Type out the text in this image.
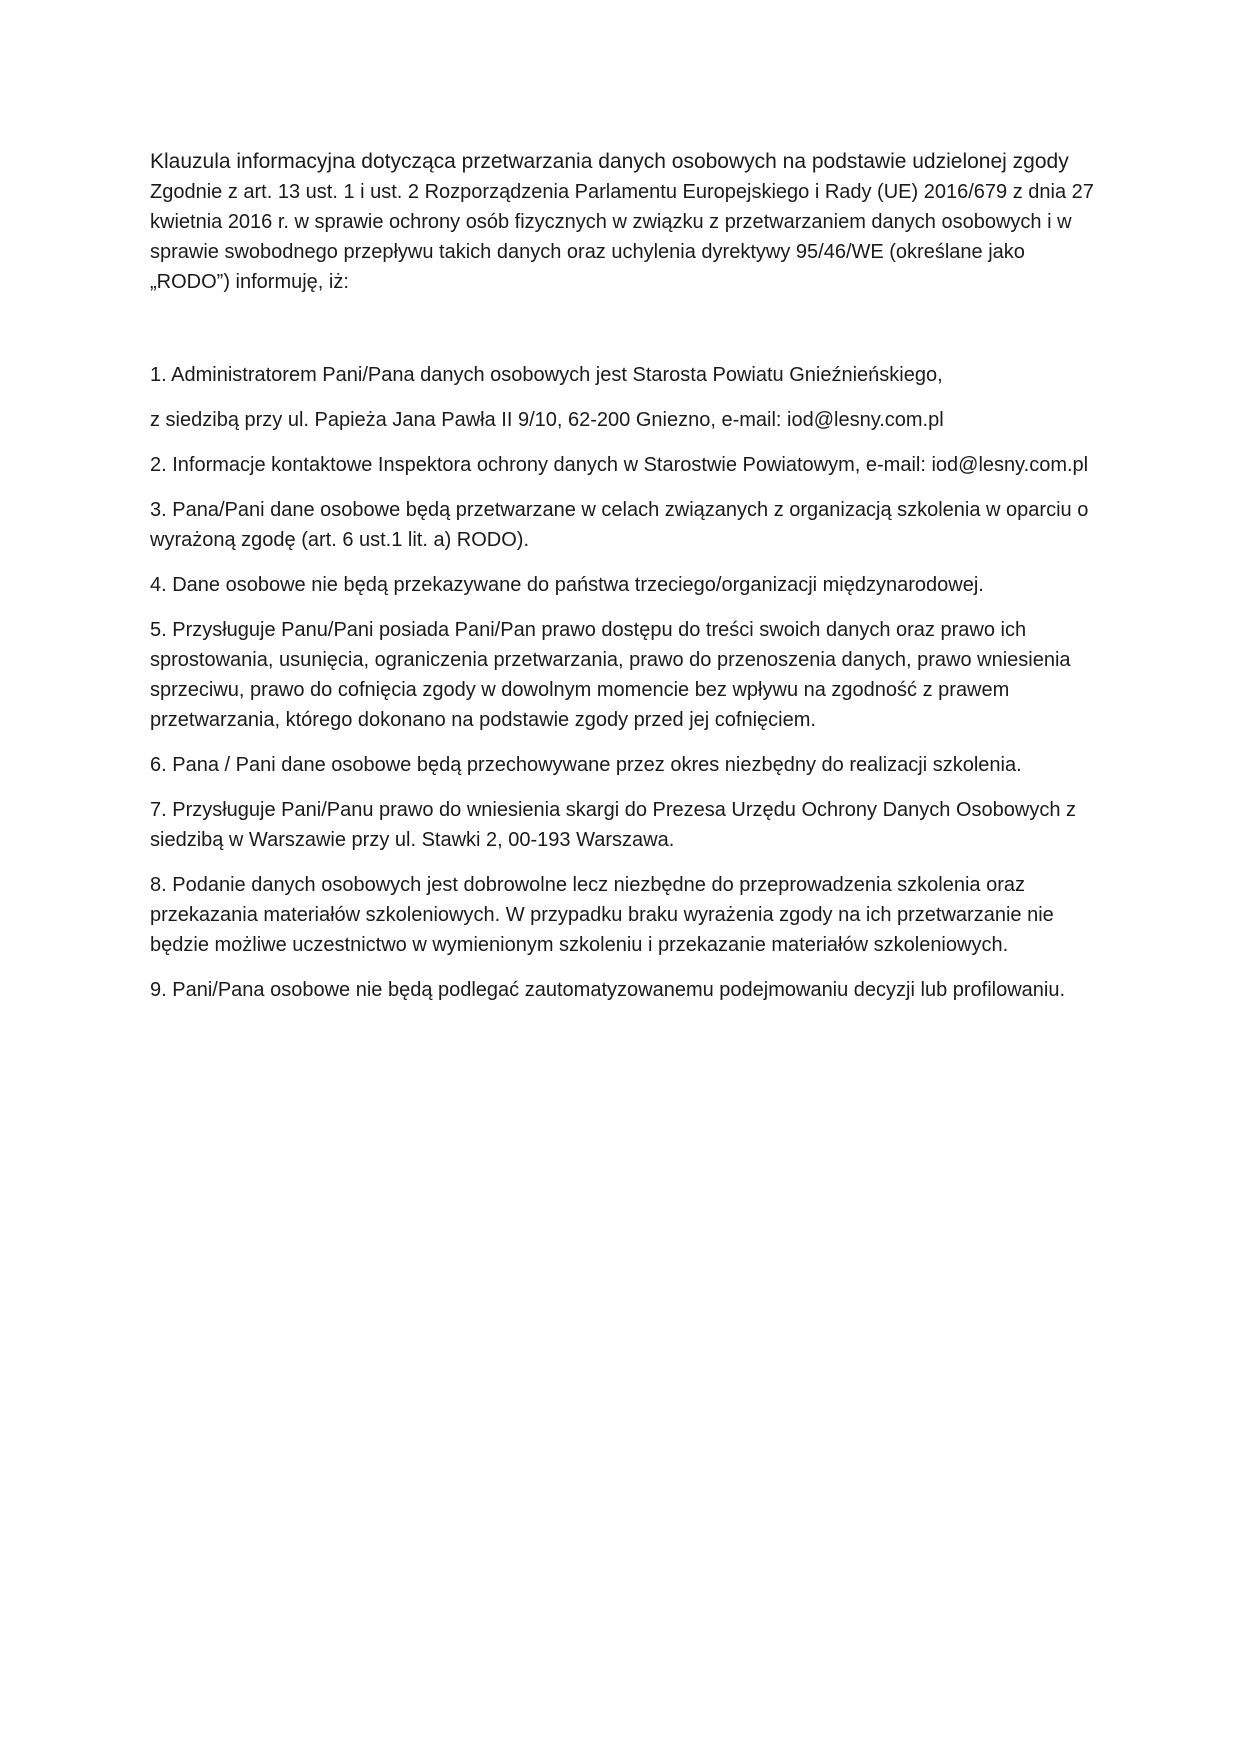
Klauzula informacyjna dotycząca przetwarzania danych osobowych na podstawie udzielonej zgody

Zgodnie z art. 13 ust. 1 i ust. 2 Rozporządzenia Parlamentu Europejskiego i Rady (UE) 2016/679 z dnia 27 kwietnia 2016 r. w sprawie ochrony osób fizycznych w związku z przetwarzaniem danych osobowych i w sprawie swobodnego przepływu takich danych oraz uchylenia dyrektywy 95/46/WE (określane jako „RODO”) informuję, iż:

1. Administratorem Pani/Pana danych osobowych jest Starosta Powiatu Gnieźnieńskiego,

z siedzibą przy ul. Papieża Jana Pawła II 9/10, 62-200 Gniezno, e-mail: iod@lesny.com.pl

2. Informacje kontaktowe Inspektora ochrony danych w Starostwie Powiatowym, e-mail: iod@lesny.com.pl

3. Pana/Pani dane osobowe będą przetwarzane w celach związanych z organizacją szkolenia w oparciu o wyrażoną zgodę (art. 6 ust.1 lit. a) RODO).

4. Dane osobowe nie będą przekazywane do państwa trzeciego/organizacji międzynarodowej.

5. Przysługuje Panu/Pani posiada Pani/Pan prawo dostępu do treści swoich danych oraz prawo ich sprostowania, usunięcia, ograniczenia przetwarzania, prawo do przenoszenia danych, prawo wniesienia sprzeciwu, prawo do cofnięcia zgody w dowolnym momencie bez wpływu na zgodność z prawem przetwarzania, którego dokonano na podstawie zgody przed jej cofnięciem.

6. Pana / Pani dane osobowe będą przechowywane przez okres niezbędny do realizacji szkolenia.

7. Przysługuje Pani/Panu prawo do wniesienia skargi do Prezesa Urzędu Ochrony Danych Osobowych z siedzibą w Warszawie przy ul. Stawki 2, 00-193 Warszawa.

8. Podanie danych osobowych jest dobrowolne lecz niezbędne do przeprowadzenia szkolenia oraz przekazania materiałów szkoleniowych. W przypadku braku wyrażenia zgody na ich przetwarzanie nie będzie możliwe uczestnictwo w wymienionym szkoleniu i przekazanie materiałów szkoleniowych.

9. Pani/Pana osobowe nie będą podlegać zautomatyzowanemu podejmowaniu decyzji lub profilowaniu.
